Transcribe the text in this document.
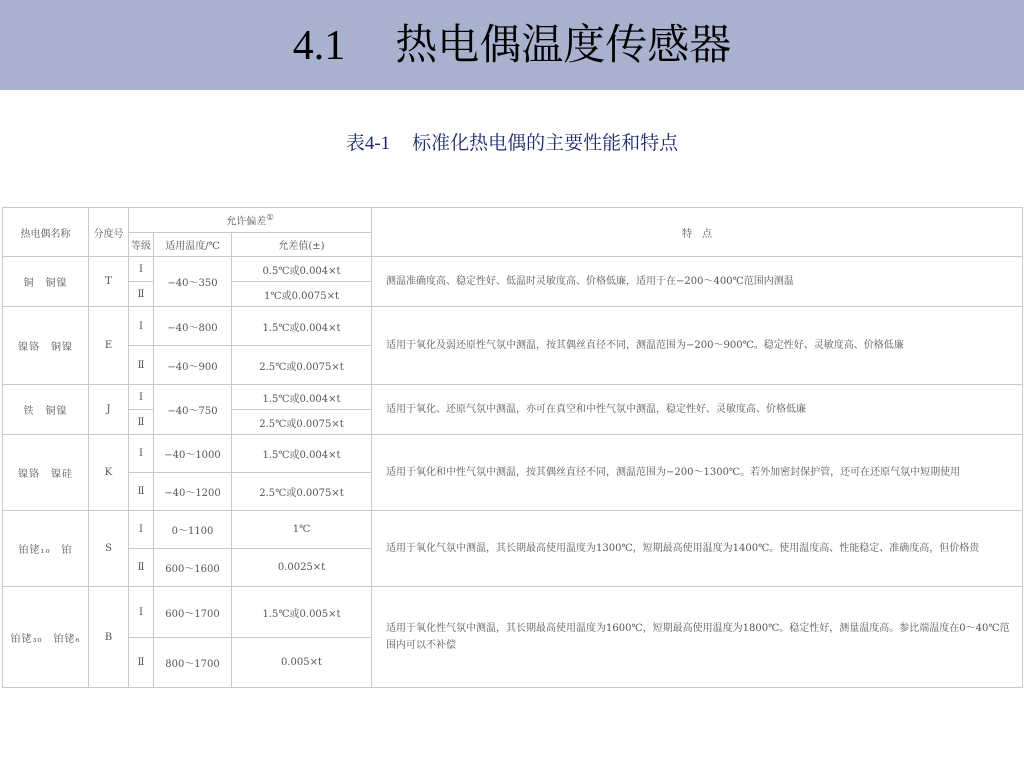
4.1 热电偶温度传感器
表4-1 标准化热电偶的主要性能和特点
热电偶名称	分度号	允许偏差①			特　点
		等级	适用温度/℃	允差值(±)	
铜　铜镍	T	Ⅰ	−40～350	0.5℃或0.004×t	测温准确度高、稳定性好、低温时灵敏度高、价格低廉，适用于在−200～400℃范围内测温
		Ⅱ		1℃或0.0075×t	
镍铬　铜镍	E	Ⅰ	−40～800	1.5℃或0.004×t	适用于氧化及弱还原性气氛中测温，按其偶丝直径不同，测温范围为−200～900℃。稳定性好、灵敏度高、价格低廉
		Ⅱ	−40～900	2.5℃或0.0075×t	
铁　铜镍	J	Ⅰ	−40～750	1.5℃或0.004×t	适用于氧化、还原气氛中测温，亦可在真空和中性气氛中测温，稳定性好、灵敏度高、价格低廉
		Ⅱ		2.5℃或0.0075×t	
镍铬　镍硅	K	Ⅰ	−40～1000	1.5℃或0.004×t	适用于氧化和中性气氛中测温，按其偶丝直径不同，测温范围为−200～1300℃。若外加密封保护管，还可在还原气氛中短期使用
		Ⅱ	−40～1200	2.5℃或0.0075×t	
铂铑₁₀　铂	S	Ⅰ	0～1100	1℃	适用于氧化气氛中测温，其长期最高使用温度为1300℃，短期最高使用温度为1400℃。使用温度高、性能稳定、准确度高，但价格贵
		Ⅱ	600～1600	0.0025×t	
铂铑₃₀　铂铑₆	B	Ⅰ	600～1700	1.5℃或0.005×t	适用于氧化性气氛中测温，其长期最高使用温度为1600℃，短期最高使用温度为1800℃。稳定性好，测量温度高。参比端温度在0～40℃范围内可以不补偿
		Ⅱ	800～1700	0.005×t	
